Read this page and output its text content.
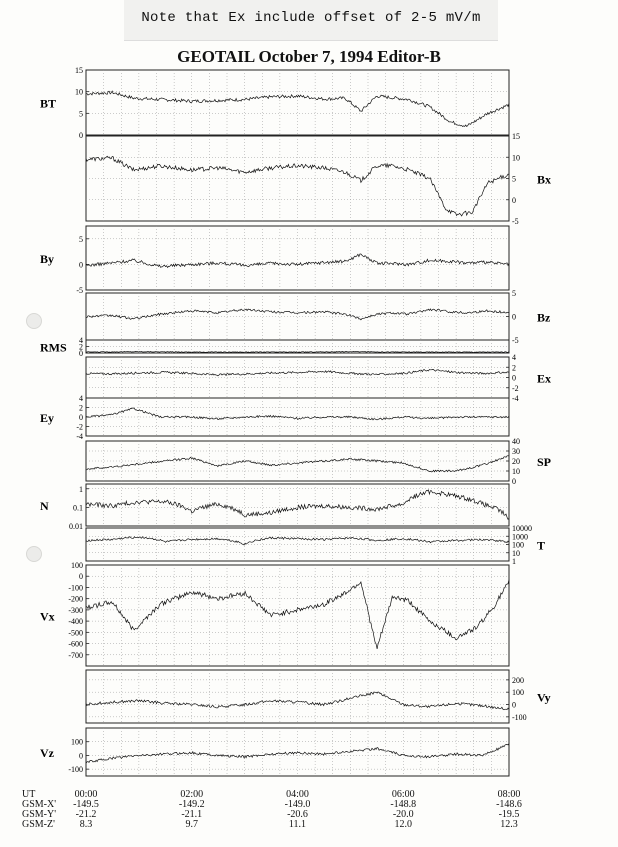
Note that Ex include offset of 2-5 mV/m
GEOTAIL October 7, 1994 Editor-B
15
10
5
0
BT
15
10
5
0
-5
Bx
5
0
-5
By
5
0
-5
Bz
4
2
0
RMS
4
2
0
-2
-4
Ex
4
2
0
-2
-4
Ey
40
30
20
10
0
SP
1
0.1
0.01
N
10000
1000
100
10
1
T
100
0
-100
-200
-300
-400
-500
-600
-700
Vx
200
100
0
-100
Vy
100
0
-100
Vz
UT
GSM-X'
GSM-Y'
GSM-Z'
00:00
-149.5
-21.2
8.3
02:00
-149.2
-21.1
9.7
04:00
-149.0
-20.6
11.1
06:00
-148.8
-20.0
12.0
08:00
-148.6
-19.5
12.3
